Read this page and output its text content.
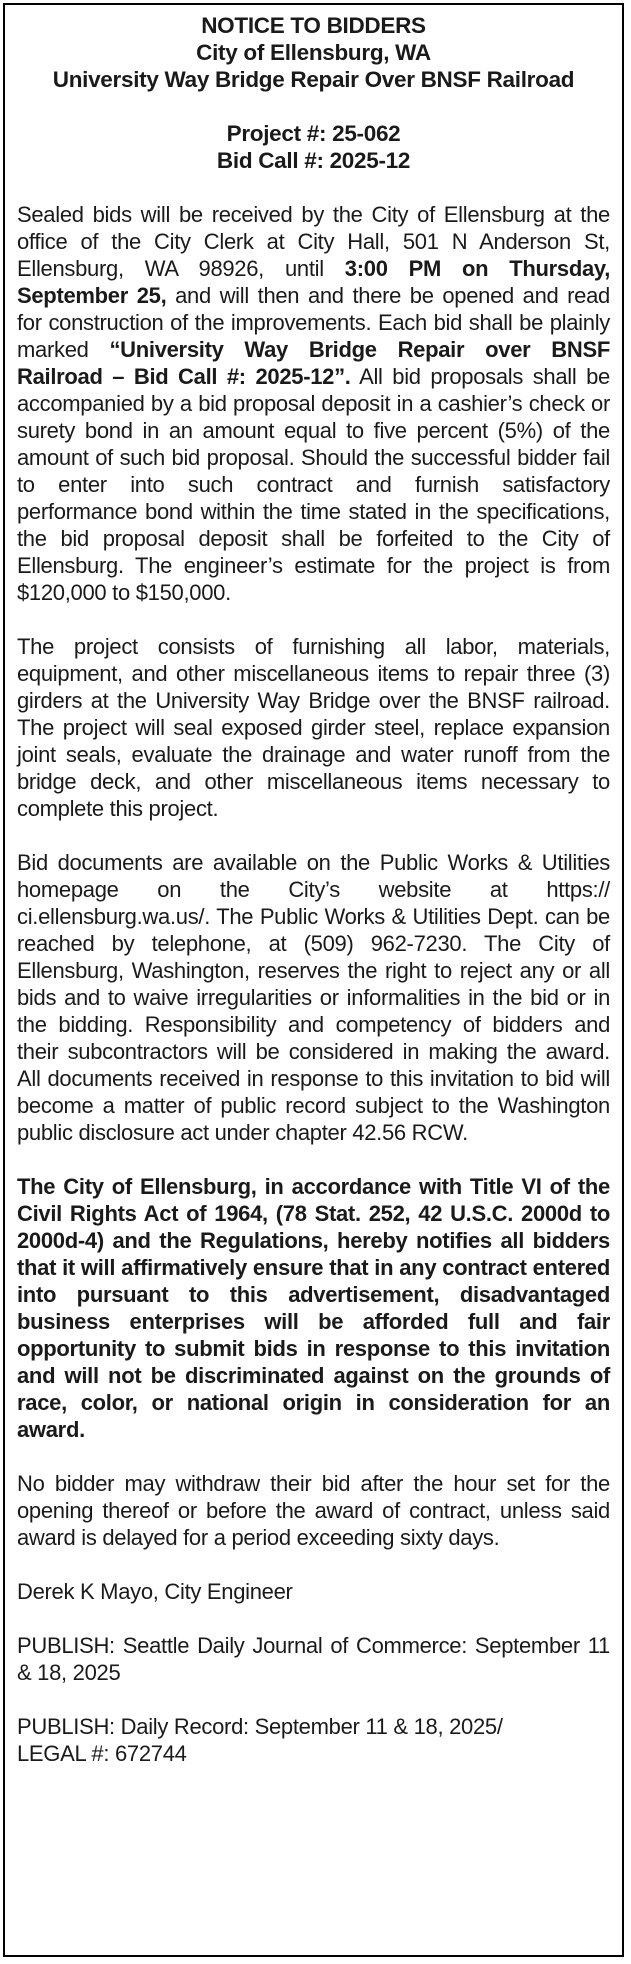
NOTICE TO BIDDERS
City of Ellensburg, WA
University Way Bridge Repair Over BNSF Railroad
Project #: 25-062
Bid Call #: 2025-12

Sealed bids will be received by the City of Ellensburg at the office of the City Clerk at City Hall, 501 N Anderson St, Ellensburg, WA 98926, until 3:00 PM on Thursday, September 25, and will then and there be opened and read for construction of the improvements. Each bid shall be plainly marked “University Way Bridge Repair over BNSF Railroad – Bid Call #: 2025-12”. All bid proposals shall be accompanied by a bid proposal deposit in a cashier’s check or surety bond in an amount equal to five percent (5%) of the amount of such bid proposal. Should the successful bidder fail to enter into such contract and furnish satisfactory performance bond within the time stated in the specifications, the bid proposal deposit shall be forfeited to the City of Ellensburg. The engineer’s estimate for the project is from $120,000 to $150,000.

The project consists of furnishing all labor, materials, equipment, and other miscellaneous items to repair three (3) girders at the University Way Bridge over the BNSF railroad. The project will seal exposed girder steel, replace expansion joint seals, evaluate the drainage and water runoff from the bridge deck, and other miscellaneous items necessary to complete this project.

Bid documents are available on the Public Works & Utilities homepage on the City’s website at https:// ci.ellensburg.wa.us/. The Public Works & Utilities Dept. can be reached by telephone, at (509) 962-7230. The City of Ellensburg, Washington, reserves the right to reject any or all bids and to waive irregularities or informalities in the bid or in the bidding. Responsibility and competency of bidders and their subcontractors will be considered in making the award. All documents received in response to this invitation to bid will become a matter of public record subject to the Washington public disclosure act under chapter 42.56 RCW.

The City of Ellensburg, in accordance with Title VI of the Civil Rights Act of 1964, (78 Stat. 252, 42 U.S.C. 2000d to 2000d-4) and the Regulations, hereby notifies all bidders that it will affirmatively ensure that in any contract entered into pursuant to this advertisement, disadvantaged business enterprises will be afforded full and fair opportunity to submit bids in response to this invitation and will not be discriminated against on the grounds of race, color, or national origin in consideration for an award.

No bidder may withdraw their bid after the hour set for the opening thereof or before the award of contract, unless said award is delayed for a period exceeding sixty days.

Derek K Mayo, City Engineer

PUBLISH: Seattle Daily Journal of Commerce: September 11 & 18, 2025

PUBLISH: Daily Record: September 11 & 18, 2025/
LEGAL #: 672744
